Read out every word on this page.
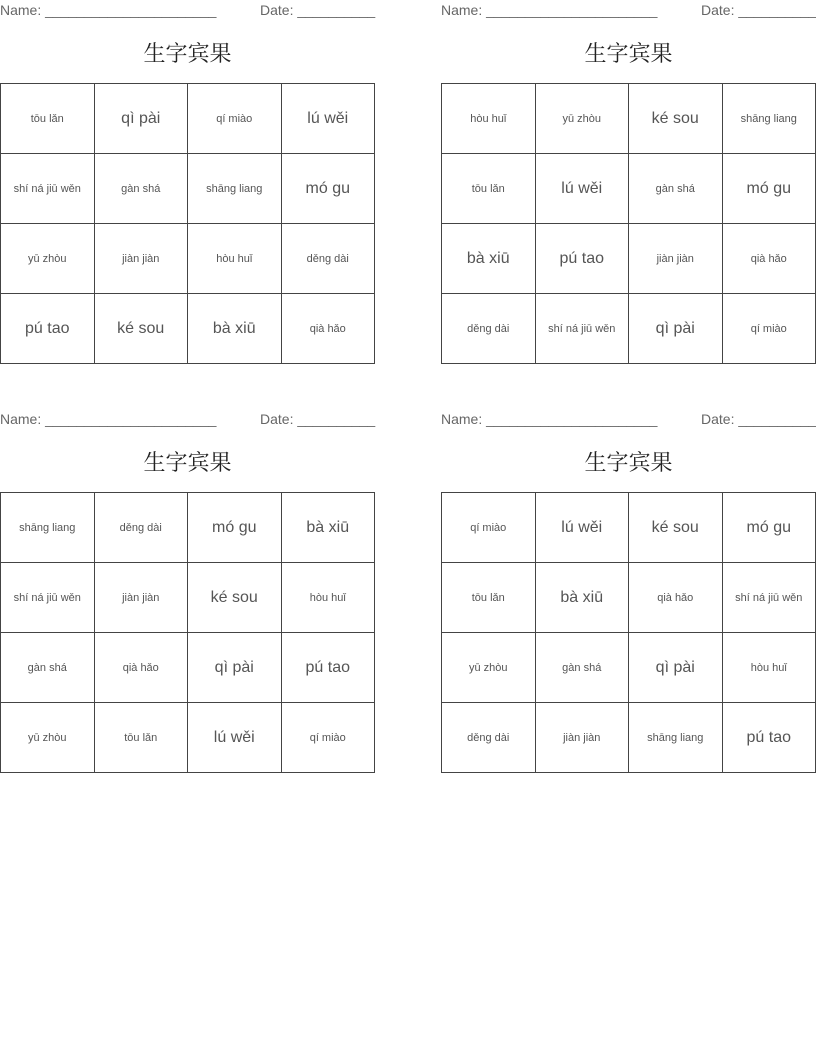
Name: ______________________	Date: __________
生字宾果
tōu lǎn	qì pài	qí miào	lú wěi
shí ná jiū wěn	gàn shá	shāng liang	mó gu
yū zhòu	jiàn jiàn	hòu huǐ	děng dài
pú tao	ké sou	bà xiū	qià hǎo
Name: ______________________	Date: __________
生字宾果
hòu huǐ	yū zhòu	ké sou	shāng liang
tōu lǎn	lú wěi	gàn shá	mó gu
bà xiū	pú tao	jiàn jiàn	qià hǎo
děng dài	shí ná jiū wěn	qì pài	qí miào
Name: ______________________	Date: __________
生字宾果
shāng liang	děng dài	mó gu	bà xiū
shí ná jiū wěn	jiàn jiàn	ké sou	hòu huǐ
gàn shá	qià hǎo	qì pài	pú tao
yū zhòu	tōu lǎn	lú wěi	qí miào
Name: ______________________	Date: __________
生字宾果
qí miào	lú wěi	ké sou	mó gu
tōu lǎn	bà xiū	qià hǎo	shí ná jiū wěn
yū zhòu	gàn shá	qì pài	hòu huǐ
děng dài	jiàn jiàn	shāng liang	pú tao
